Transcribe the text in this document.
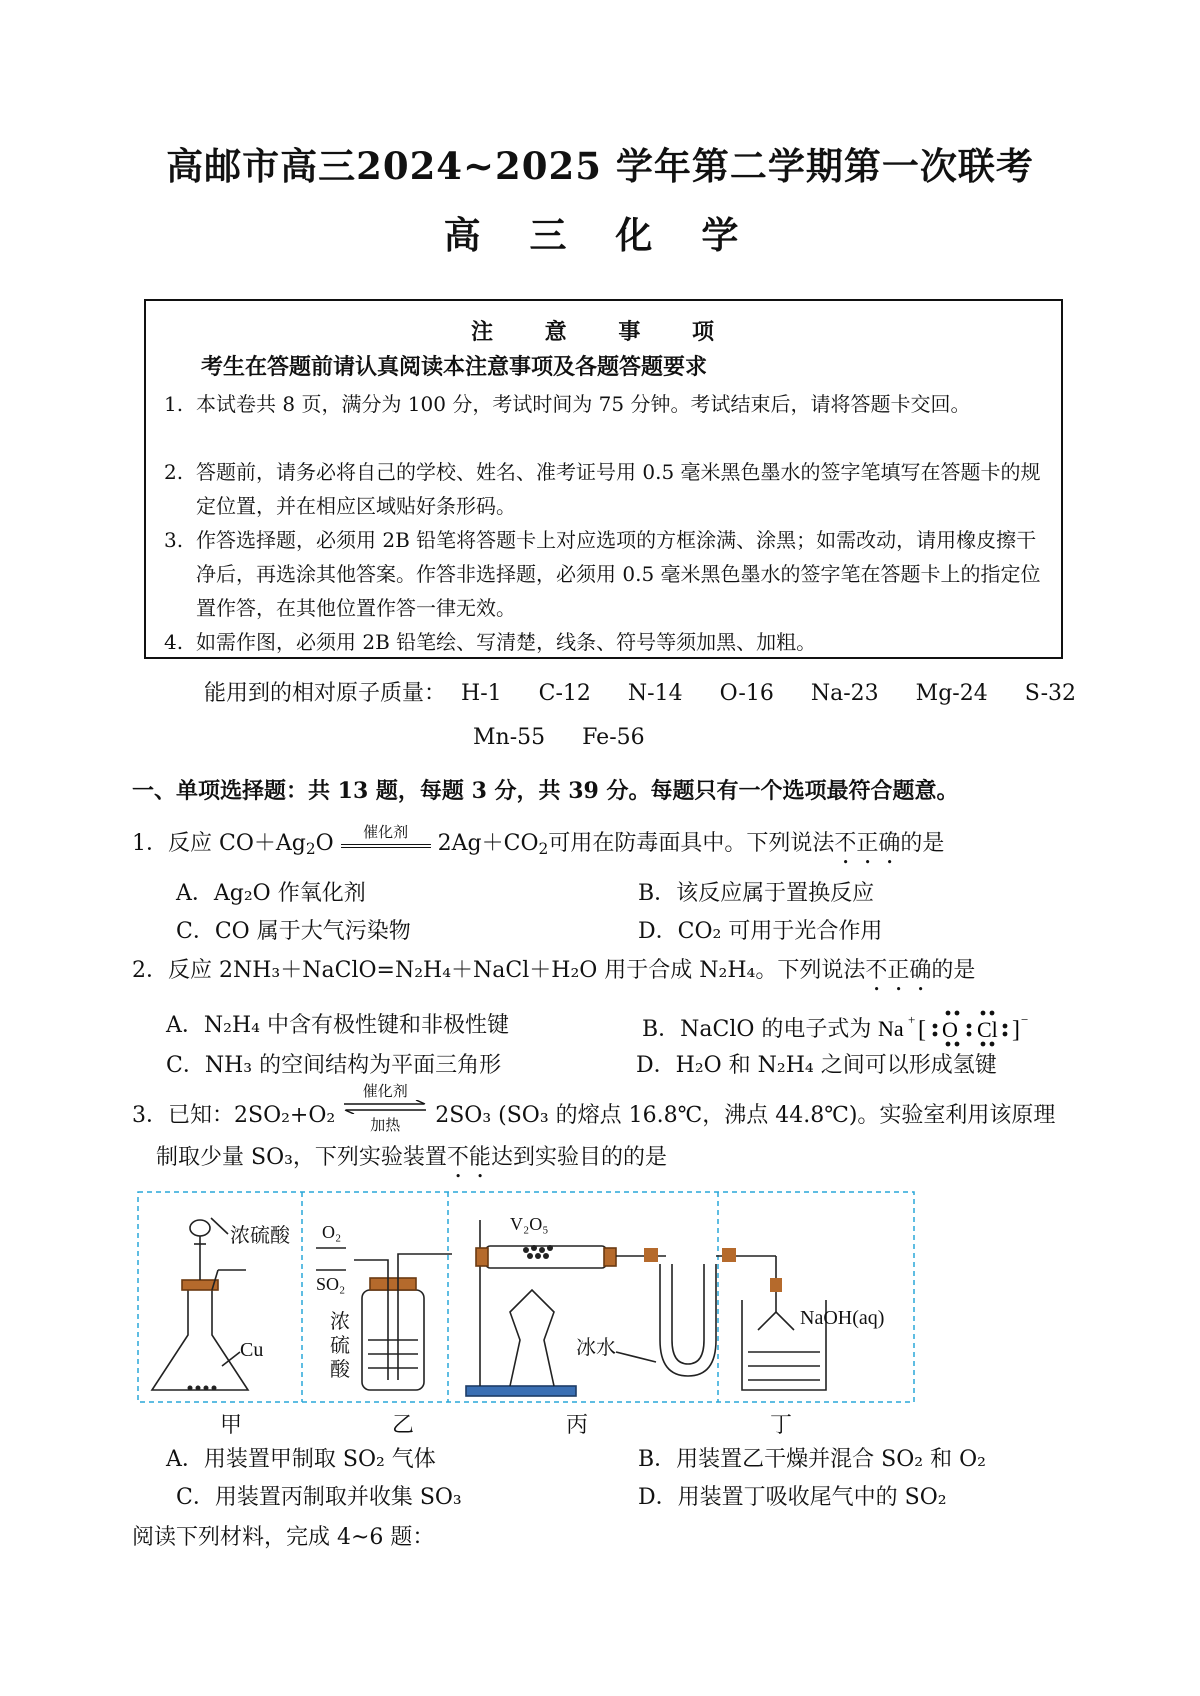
高邮市高三2024~2025 学年第二学期第一次联考
高 三 化 学
注 意 事 项
考生在答题前请认真阅读本注意事项及各题答题要求
1. 本试卷共 8 页，满分为 100 分，考试时间为 75 分钟。考试结束后，请将答题卡交回。
2. 答题前，请务必将自己的学校、姓名、准考证号用 0.5 毫米黑色墨水的签字笔填写在答题卡的规定位置，并在相应区域贴好条形码。
3. 作答选择题，必须用 2B 铅笔将答题卡上对应选项的方框涂满、涂黑；如需改动，请用橡皮擦干净后，再选涂其他答案。作答非选择题，必须用 0.5 毫米黑色墨水的签字笔在答题卡上的指定位置作答，在其他位置作答一律无效。
4. 如需作图，必须用 2B 铅笔绘、写清楚，线条、符号等须加黑、加粗。
能用到的相对原子质量： H-1 C-12 N-14 O-16 Na-23 Mg-24 S-32
Mn-55 Fe-56
一、单项选择题：共 13 题，每题 3 分，共 39 分。每题只有一个选项最符合题意。
1．反应 $CO+Ag_2O$ 催化剂
$2Ag+CO_2$可用在防毒面具中。下列说法不正确的是
A．Ag₂O 作氧化剂	B．该反应属于置换反应
C．CO 属于大气污染物	D．CO₂ 可用于光合作用
2．反应 2NH₃＋NaClO=N₂H₄＋NaCl＋H₂O 用于合成 N₂H₄。下列说法不正确的是
A．N₂H₄ 中含有极性键和非极性键	B．NaClO 的电子式为 Na + [ O Cl ] −
C．NH₃ 的空间结构为平面三角形	D．H₂O 和 N₂H₄ 之间可以形成氢键
3．已知：2SO₂+O₂
催化剂
加热	2SO₃ (SO₃ 的熔点 16.8℃，沸点 44.8℃)。实验室利用该原理
制取少量 SO₃，下列实验装置不能达到实验目的的是
浓硫酸
Cu
O₂
SO₂
浓
硫
酸
V₂O₅
冰水
NaOH(aq)
甲	乙	丙	丁
A．用装置甲制取 SO₂ 气体	B．用装置乙干燥并混合 SO₂ 和 O₂
C．用装置丙制取并收集 SO₃	D．用装置丁吸收尾气中的 SO₂
阅读下列材料，完成 4~6 题：
